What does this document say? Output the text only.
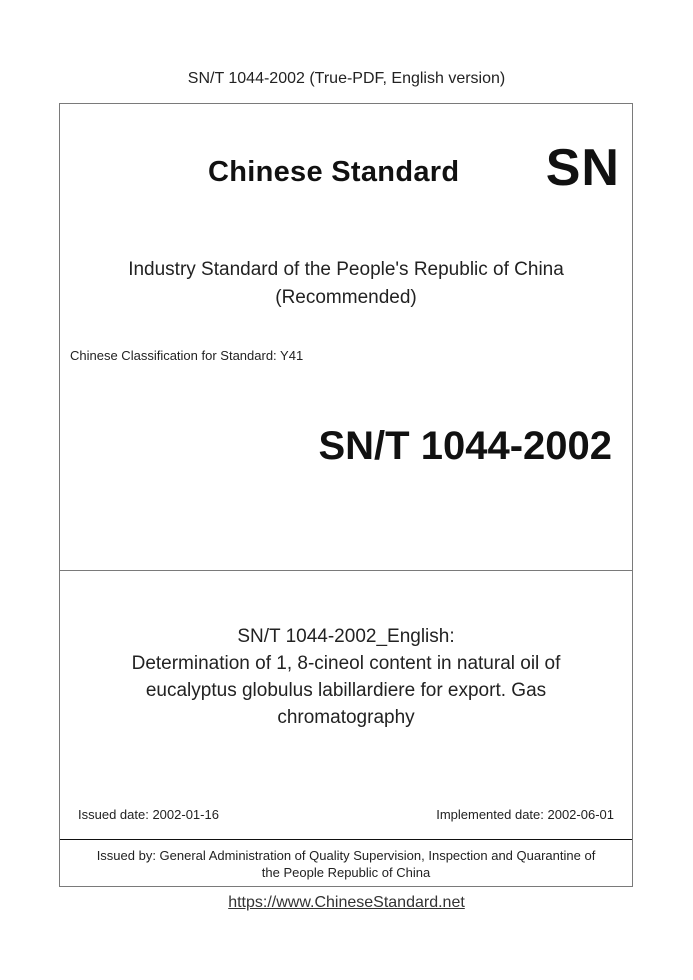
SN/T 1044-2002 (True-PDF, English version)
Chinese Standard SN
Industry Standard of the People's Republic of China
(Recommended)
Chinese Classification for Standard: Y41
SN/T 1044-2002
SN/T 1044-2002_English:
Determination of 1, 8-cineol content in natural oil of
eucalyptus globulus labillardiere for export. Gas
chromatography
Issued date: 2002-01-16	Implemented date: 2002-06-01
Issued by: General Administration of Quality Supervision, Inspection and Quarantine of
the People Republic of China
https://www.ChineseStandard.net
